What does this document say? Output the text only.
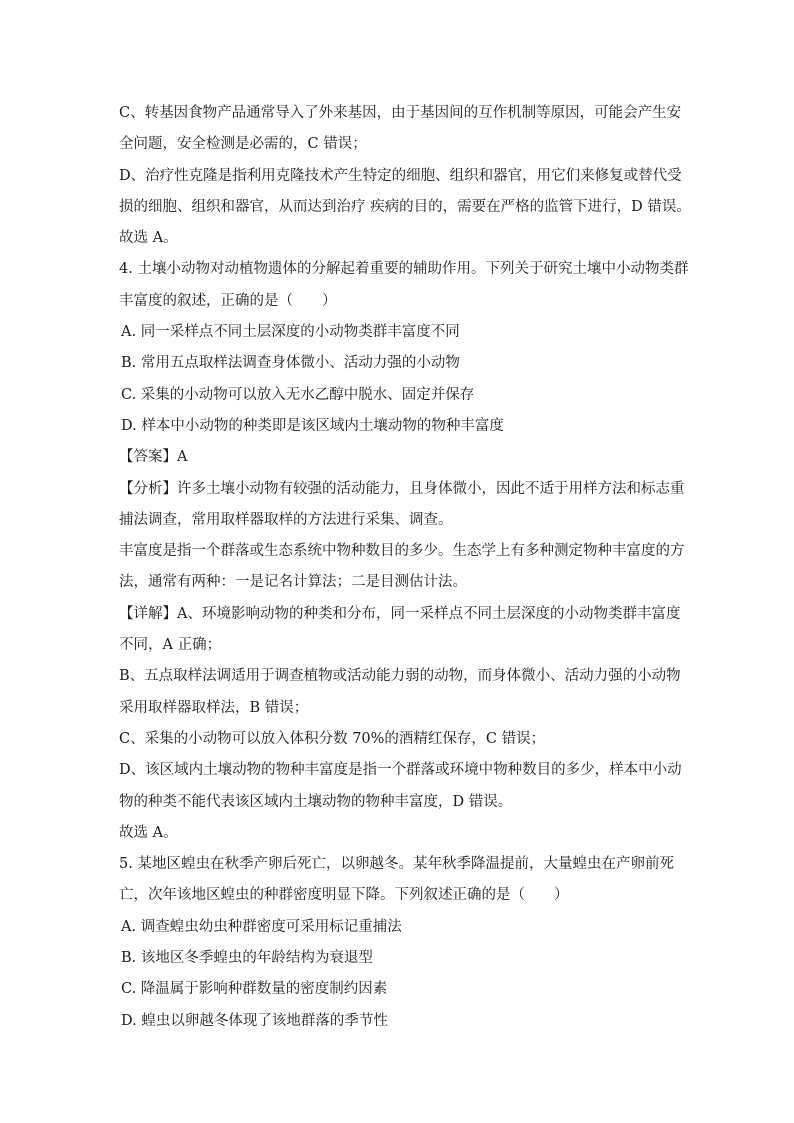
C、转基因食物产品通常导入了外来基因，由于基因间的互作机制等原因，可能会产生安

全问题，安全检测是必需的，C 错误；

D、治疗性克隆是指利用克隆技术产生特定的细胞、组织和器官，用它们来修复或替代受

损的细胞、组织和器官，从而达到治疗 疾病的目的，需要在严格的监管下进行，D 错误。

故选 A。

4. 土壤小动物对动植物遗体的分解起着重要的辅助作用。下列关于研究土壤中小动物类群

丰富度的叙述，正确的是（　　）

A. 同一采样点不同土层深度的小动物类群丰富度不同

B. 常用五点取样法调查身体微小、活动力强的小动物

C. 采集的小动物可以放入无水乙醇中脱水、固定并保存

D. 样本中小动物的种类即是该区域内土壤动物的物种丰富度

【答案】A

【分析】许多土壤小动物有较强的活动能力，且身体微小，因此不适于用样方法和标志重

捕法调查，常用取样器取样的方法进行采集、调查。

丰富度是指一个群落或生态系统中物种数目的多少。生态学上有多种测定物种丰富度的方

法，通常有两种：一是记名计算法；二是目测估计法。

【详解】A、环境影响动物的种类和分布，同一采样点不同土层深度的小动物类群丰富度

不同，A 正确；

B、五点取样法调适用于调查植物或活动能力弱的动物，而身体微小、活动力强的小动物

采用取样器取样法，B 错误；

C、采集的小动物可以放入体积分数 70%的酒精红保存，C 错误；

D、该区域内土壤动物的物种丰富度是指一个群落或环境中物种数目的多少，样本中小动

物的种类不能代表该区域内土壤动物的物种丰富度，D 错误。

故选 A。

5. 某地区蝗虫在秋季产卵后死亡，以卵越冬。某年秋季降温提前，大量蝗虫在产卵前死

亡，次年该地区蝗虫的种群密度明显下降。下列叙述正确的是（　　）

A. 调查蝗虫幼虫种群密度可采用标记重捕法

B. 该地区冬季蝗虫的年龄结构为衰退型

C. 降温属于影响种群数量的密度制约因素

D. 蝗虫以卵越冬体现了该地群落的季节性
